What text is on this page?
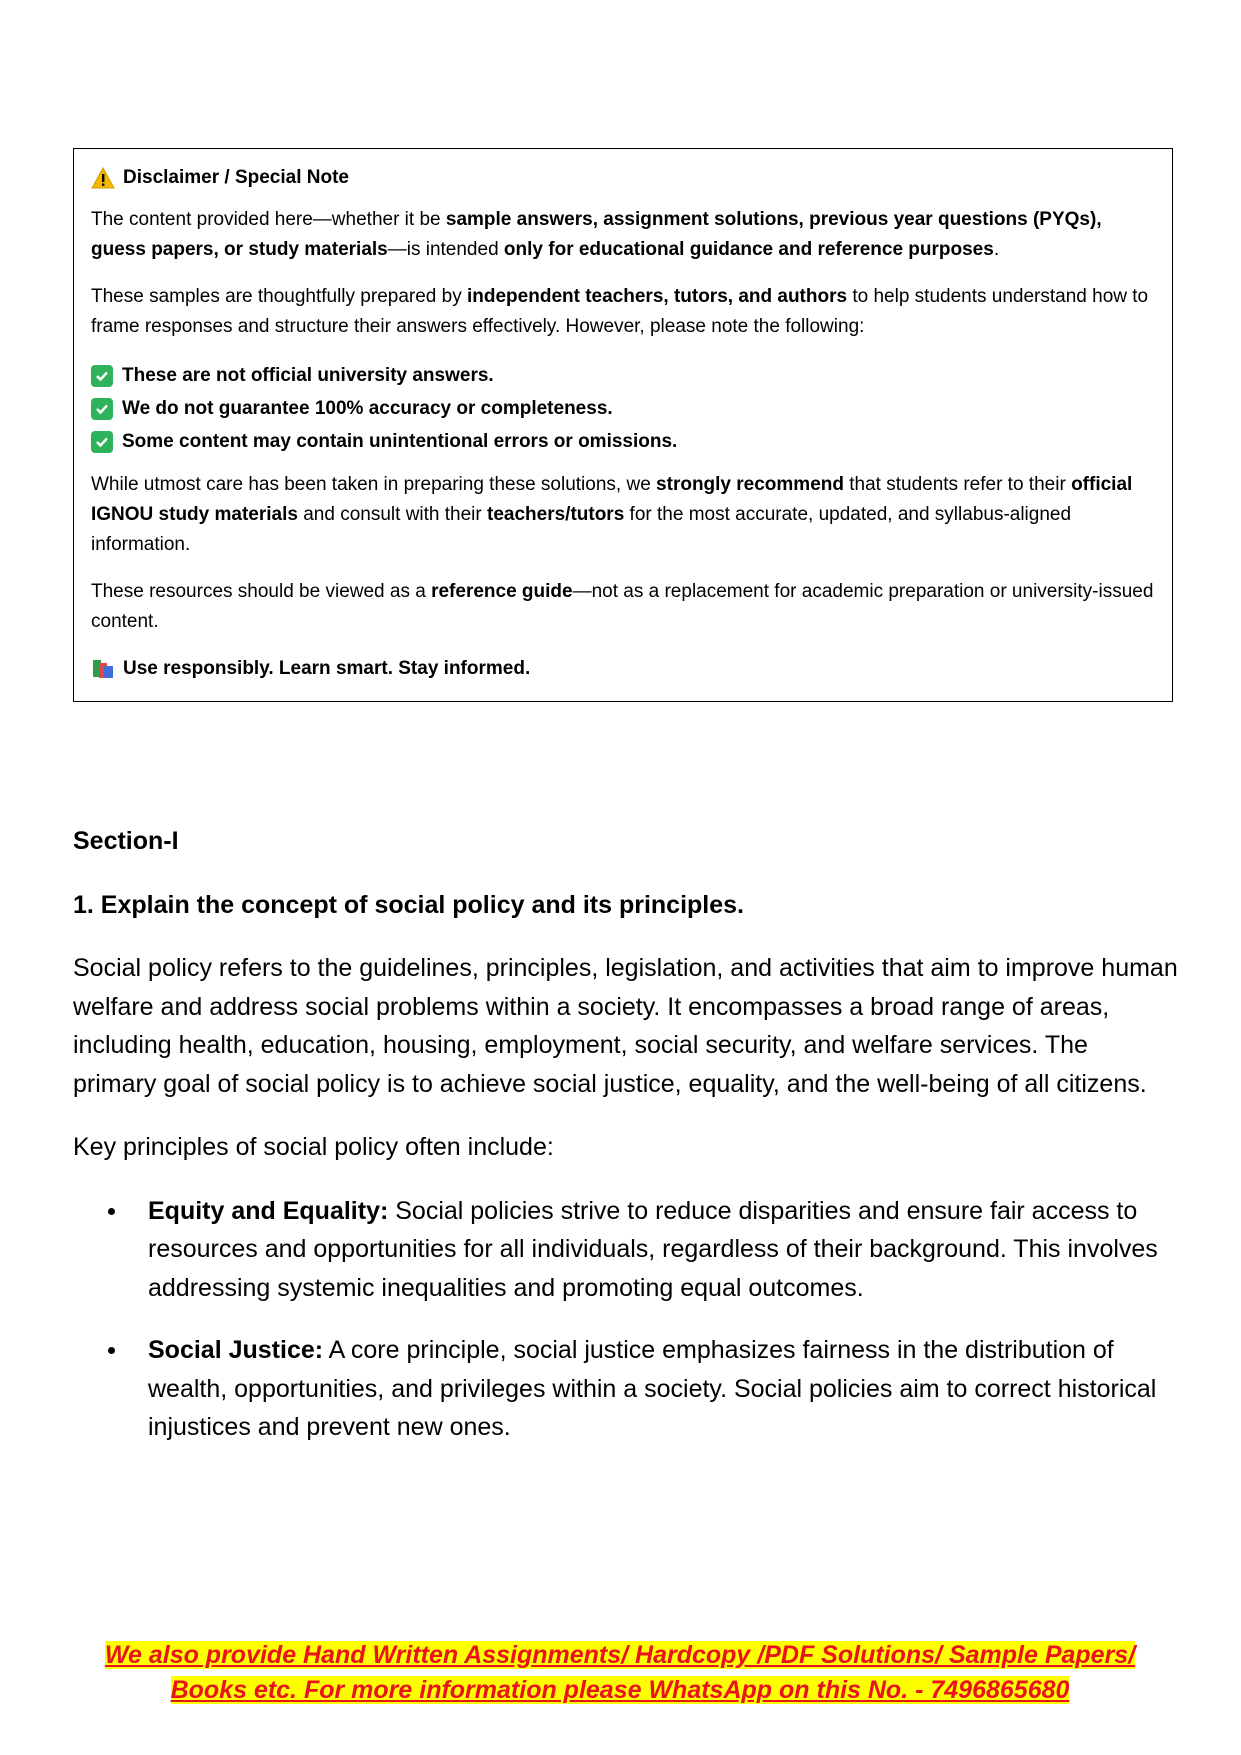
Disclaimer / Special Note

The content provided here—whether it be sample answers, assignment solutions, previous year questions (PYQs), guess papers, or study materials—is intended only for educational guidance and reference purposes.

These samples are thoughtfully prepared by independent teachers, tutors, and authors to help students understand how to frame responses and structure their answers effectively. However, please note the following:

These are not official university answers.
We do not guarantee 100% accuracy or completeness.
Some content may contain unintentional errors or omissions.

While utmost care has been taken in preparing these solutions, we strongly recommend that students refer to their official IGNOU study materials and consult with their teachers/tutors for the most accurate, updated, and syllabus-aligned information.

These resources should be viewed as a reference guide—not as a replacement for academic preparation or university-issued content.

Use responsibly. Learn smart. Stay informed.

Section-I

1. Explain the concept of social policy and its principles.

Social policy refers to the guidelines, principles, legislation, and activities that aim to improve human welfare and address social problems within a society. It encompasses a broad range of areas, including health, education, housing, employment, social security, and welfare services. The primary goal of social policy is to achieve social justice, equality, and the well-being of all citizens.

Key principles of social policy often include:

Equity and Equality: Social policies strive to reduce disparities and ensure fair access to resources and opportunities for all individuals, regardless of their background. This involves addressing systemic inequalities and promoting equal outcomes.
Social Justice: A core principle, social justice emphasizes fairness in the distribution of wealth, opportunities, and privileges within a society. Social policies aim to correct historical injustices and prevent new ones.
We also provide Hand Written Assignments/ Hardcopy /PDF Solutions/ Sample Papers/
Books etc. For more information please WhatsApp on this No. - 7496865680
